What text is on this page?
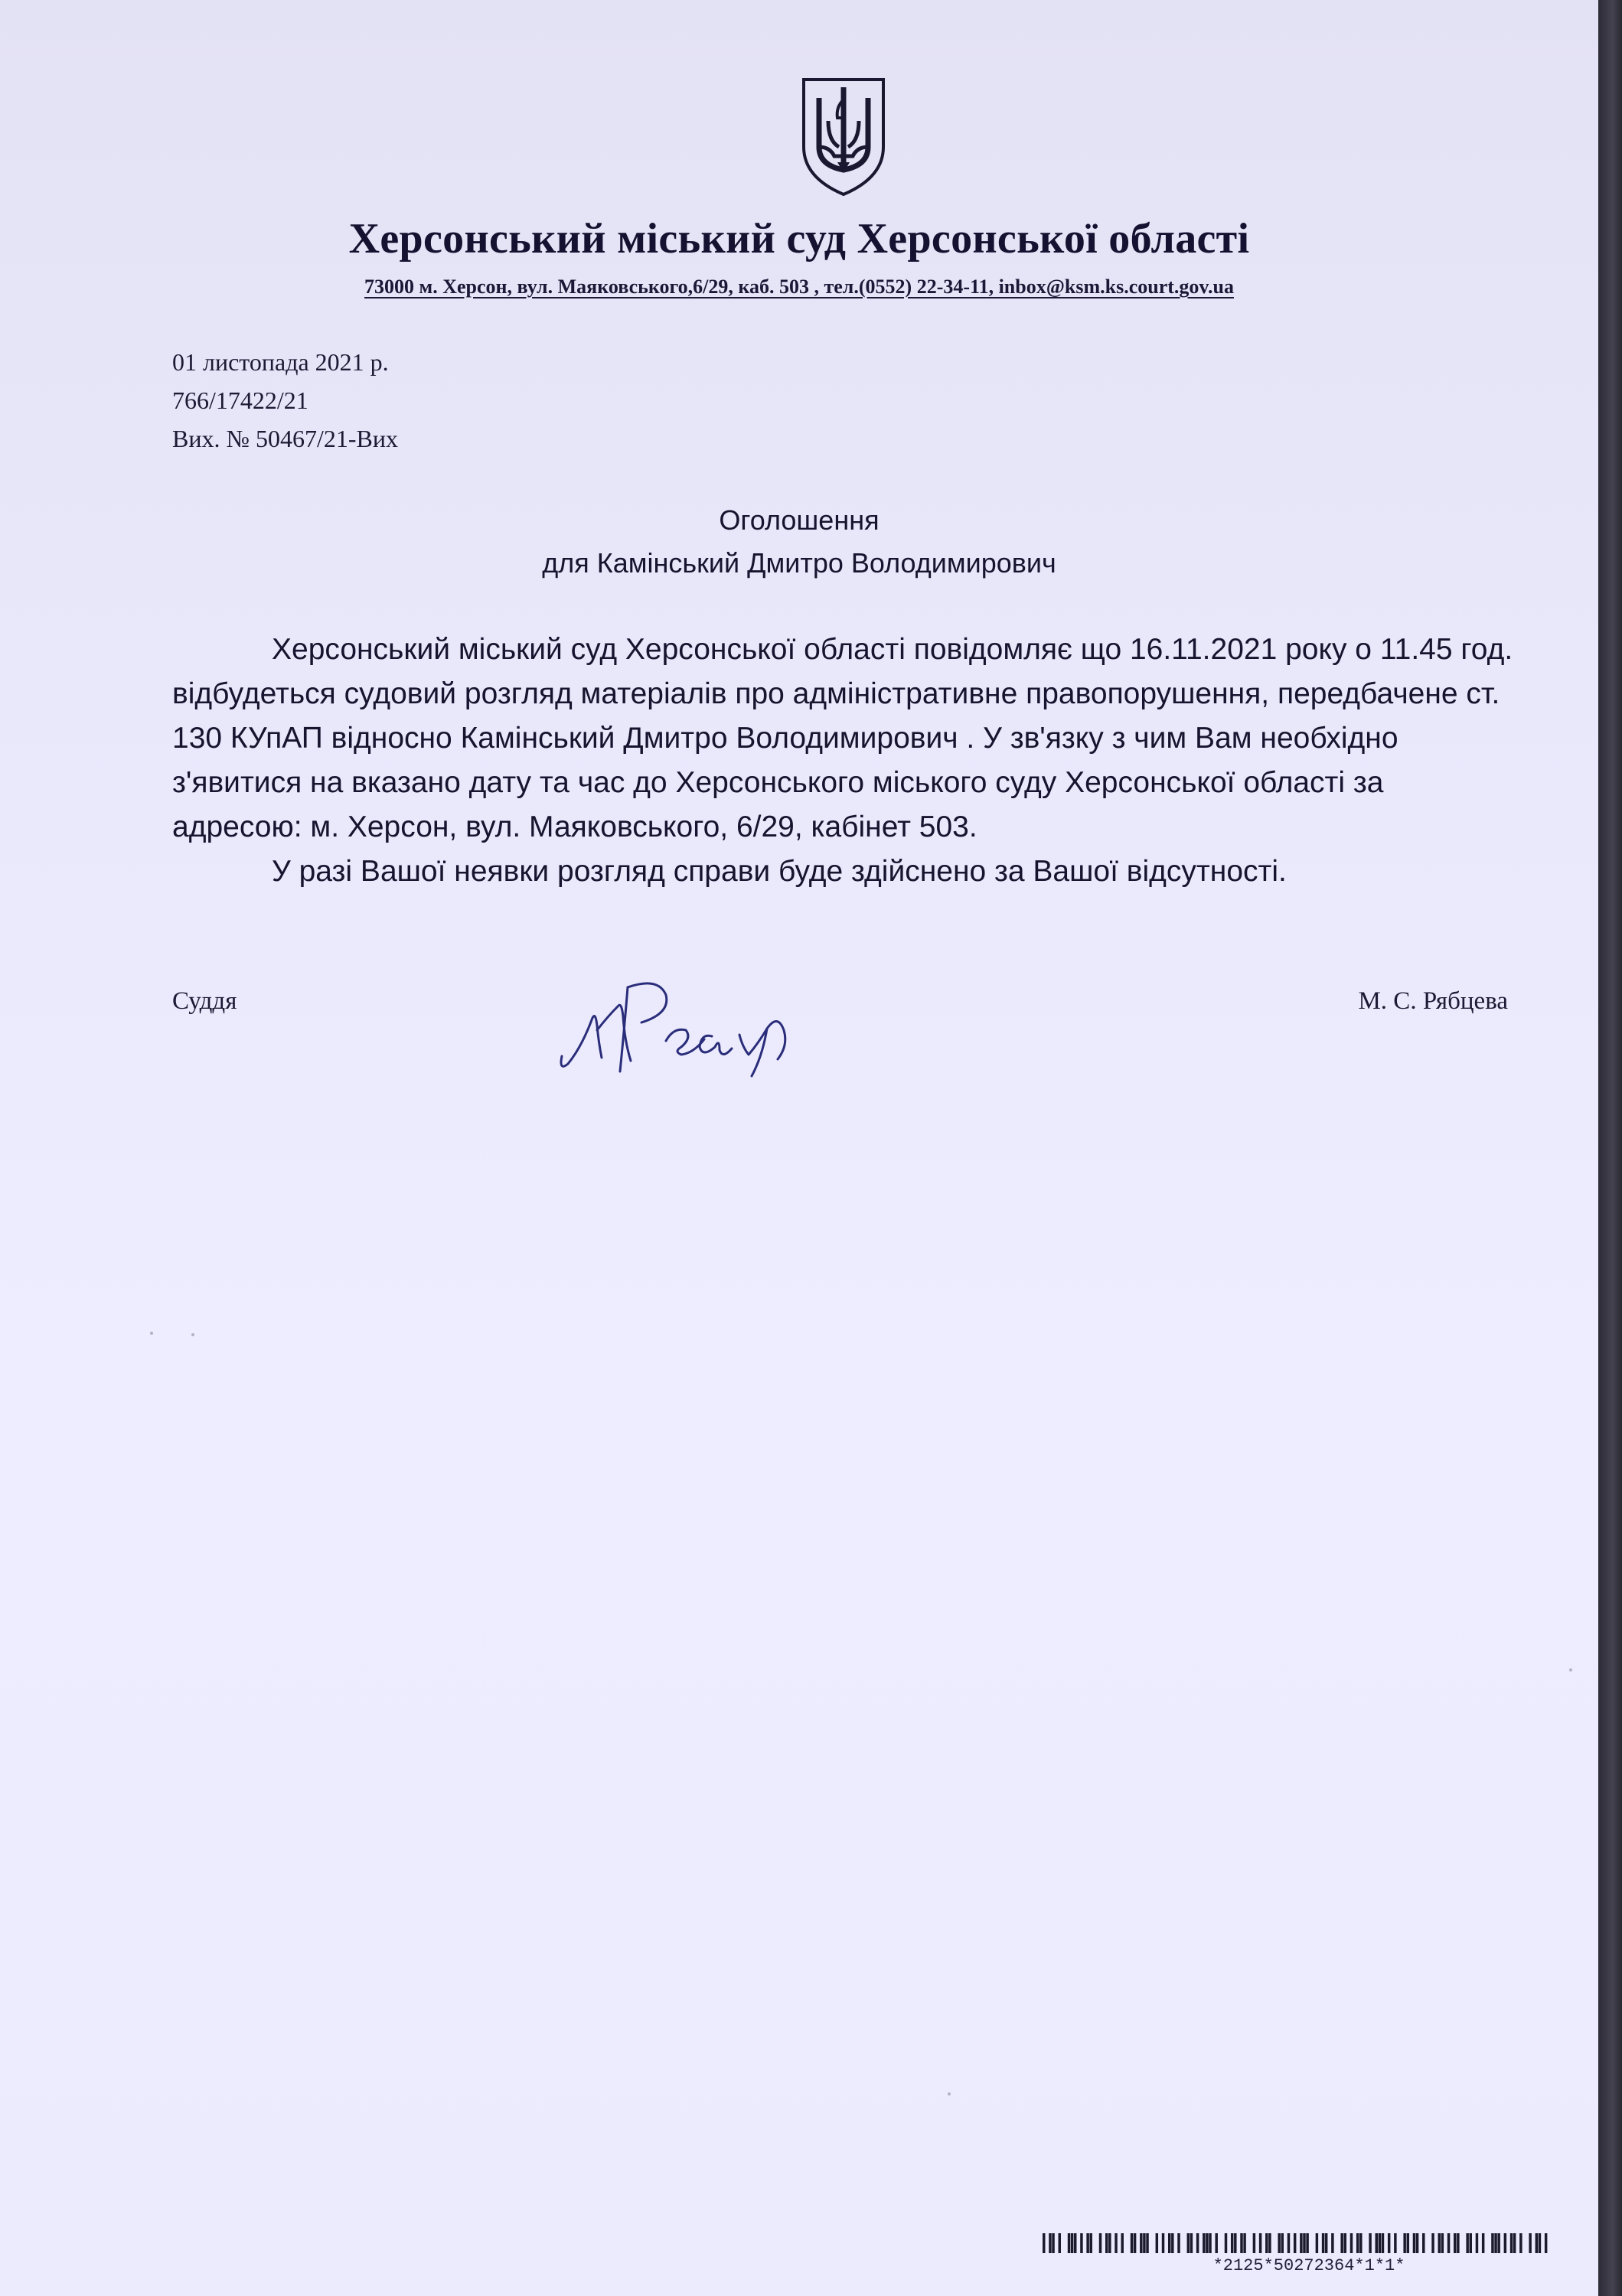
Херсонський міський суд Херсонської області
73000 м. Херсон, вул. Маяковського,6/29, каб. 503 , тел.(0552) 22-34-11, inbox@ksm.ks.court.gov.ua
01 листопада 2021 р.
766/17422/21
Вих. № 50467/21-Вих
Оголошення
для Камінський Дмитро Володимирович

Херсонський міський суд Херсонської області повідомляє що 16.11.2021 року о 11.45 год. відбудеться судовий розгляд матеріалів про адміністративне правопорушення, передбачене ст. 130 КУпАП відносно Камінський Дмитро Володимирович . У зв'язку з чим Вам необхідно з'явитися на вказано дату та час до Херсонського міського суду Херсонської області за адресою: м. Херсон, вул. Маяковського, 6/29, кабінет 503.

У разі Вашої неявки розгляд справи буде здійснено за Вашої відсутності.

Суддя	М. С. Рябцева
*2125*50272364*1*1*
